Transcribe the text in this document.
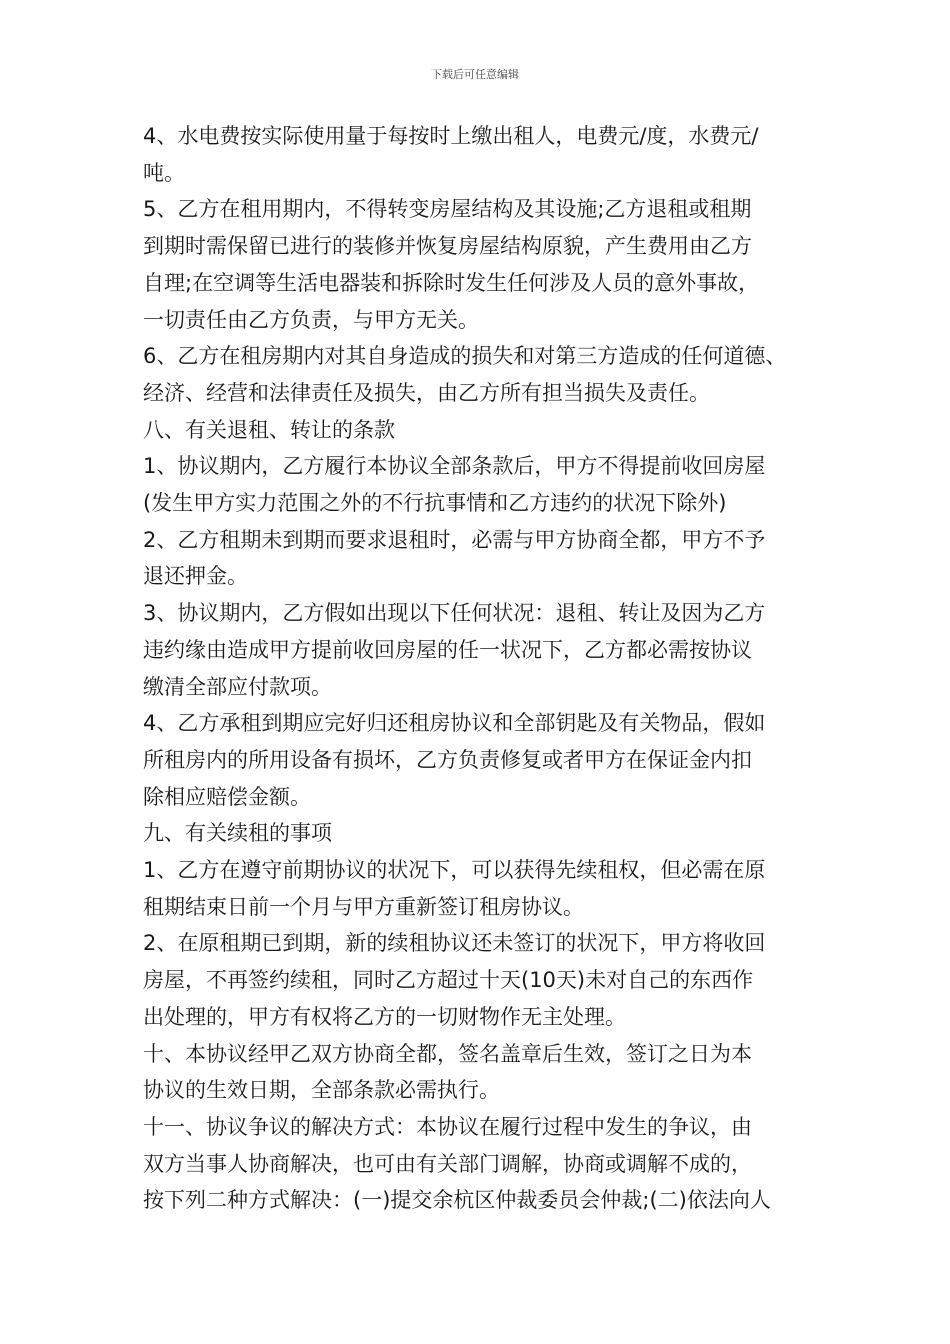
下载后可任意编辑
4、水电费按实际使用量于每按时上缴出租人，电费元/度，水费元/
吨。
5、乙方在租用期内，不得转变房屋结构及其设施;乙方退租或租期
到期时需保留已进行的装修并恢复房屋结构原貌，产生费用由乙方
自理;在空调等生活电器装和拆除时发生任何涉及人员的意外事故，
一切责任由乙方负责，与甲方无关。
6、乙方在租房期内对其自身造成的损失和对第三方造成的任何道德、
经济、经营和法律责任及损失，由乙方所有担当损失及责任。
八、有关退租、转让的条款
1、协议期内，乙方履行本协议全部条款后，甲方不得提前收回房屋
(发生甲方实力范围之外的不行抗事情和乙方违约的状况下除外)
2、乙方租期未到期而要求退租时，必需与甲方协商全都，甲方不予
退还押金。
3、协议期内，乙方假如出现以下任何状况：退租、转让及因为乙方
违约缘由造成甲方提前收回房屋的任一状况下，乙方都必需按协议
缴清全部应付款项。
4、乙方承租到期应完好归还租房协议和全部钥匙及有关物品，假如
所租房内的所用设备有损坏，乙方负责修复或者甲方在保证金内扣
除相应赔偿金额。
九、有关续租的事项
1、乙方在遵守前期协议的状况下，可以获得先续租权，但必需在原
租期结束日前一个月与甲方重新签订租房协议。
2、在原租期已到期，新的续租协议还未签订的状况下，甲方将收回
房屋，不再签约续租，同时乙方超过十天(10天)未对自己的东西作
出处理的，甲方有权将乙方的一切财物作无主处理。
十、本协议经甲乙双方协商全都，签名盖章后生效，签订之日为本
协议的生效日期，全部条款必需执行。
十一、协议争议的解决方式：本协议在履行过程中发生的争议，由
双方当事人协商解决，也可由有关部门调解，协商或调解不成的，
按下列二种方式解决：(一)提交余杭区仲裁委员会仲裁;(二)依法向人
